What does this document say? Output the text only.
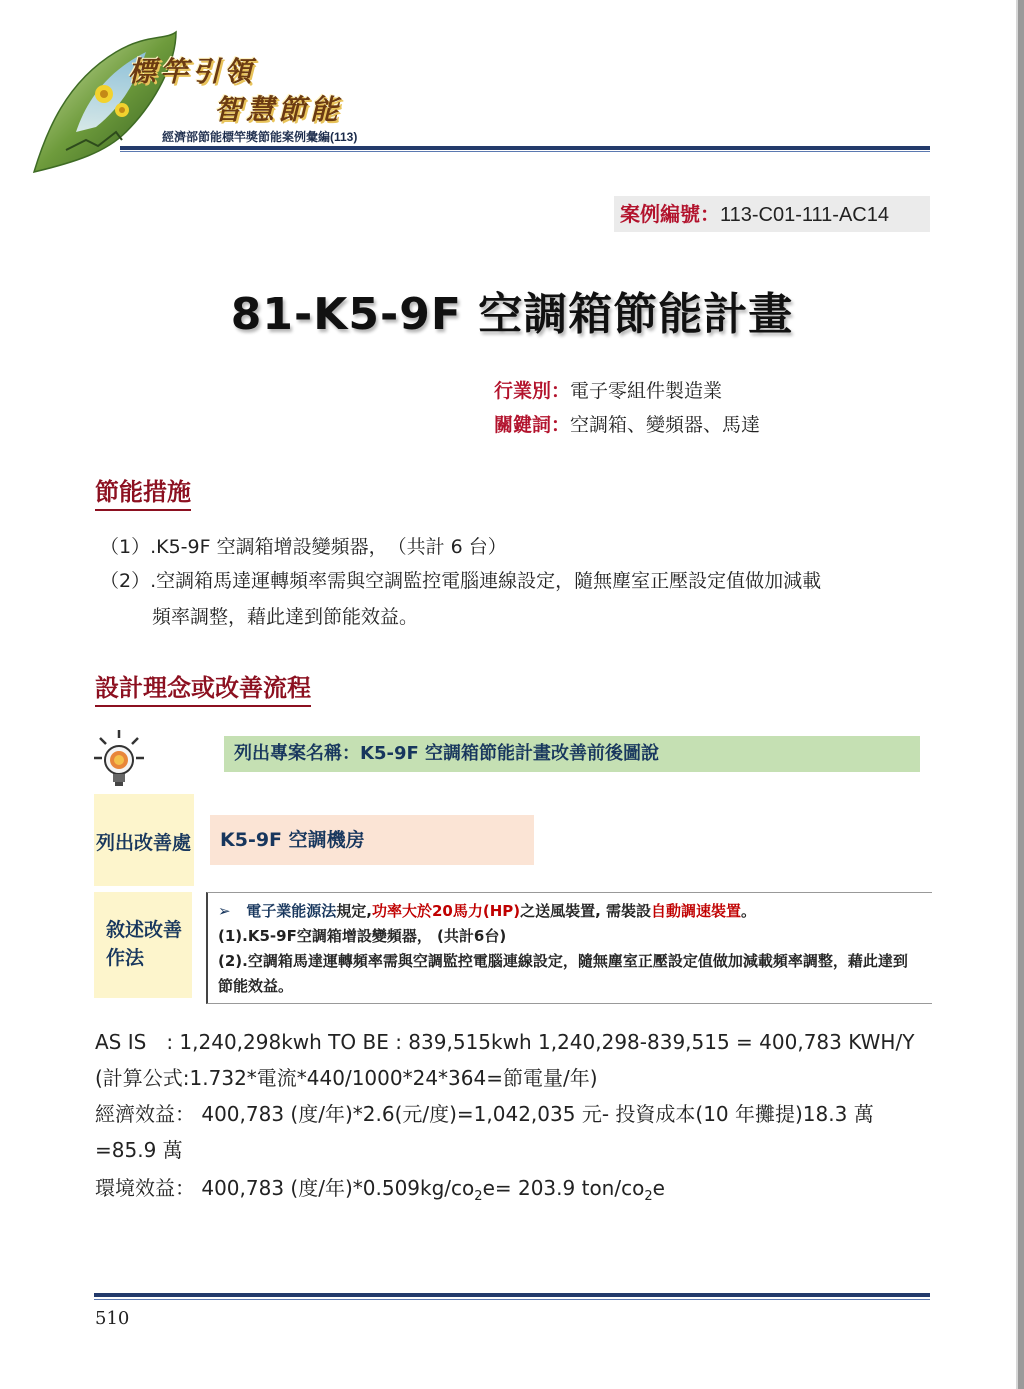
標竿引領
智慧節能
經濟部節能標竿獎節能案例彙編(113)
案例編號：113-C01-111-AC14
81-K5-9F 空調箱節能計畫
行業別：電子零組件製造業
關鍵詞：空調箱、變頻器、馬達
節能措施
（1）.K5-9F 空調箱增設變頻器，　（共計 6 台）
（2）.空調箱馬達運轉頻率需與空調監控電腦連線設定，隨無塵室正壓設定值做加減載
頻率調整，藉此達到節能效益。
設計理念或改善流程
列出專案名稱：K5-9F 空調箱節能計畫改善前後圖說
列出改善處
敘述改善作法
K5-9F 空調機房
➢ 電子業能源法規定,功率大於20馬力(HP)之送風裝置, 需裝設自動調速裝置。
(1).K5-9F空調箱增設變頻器， (共計6台)
(2).空調箱馬達運轉頻率需與空調監控電腦連線設定，隨無塵室正壓設定值做加減載頻率調整，藉此達到
節能效益。
AS IS　: 1,240,298kwh TO BE : 839,515kwh 1,240,298-839,515 = 400,783 KWH/Y
(計算公式:1.732*電流*440/1000*24*364=節電量/年)
經濟效益： 400,783 (度/年)*2.6(元/度)=1,042,035 元- 投資成本(10 年攤提)18.3 萬
=85.9 萬
環境效益： 400,783 (度/年)$*0.509kg/co_2e= 203.9$ ton/$co_2e$
510
